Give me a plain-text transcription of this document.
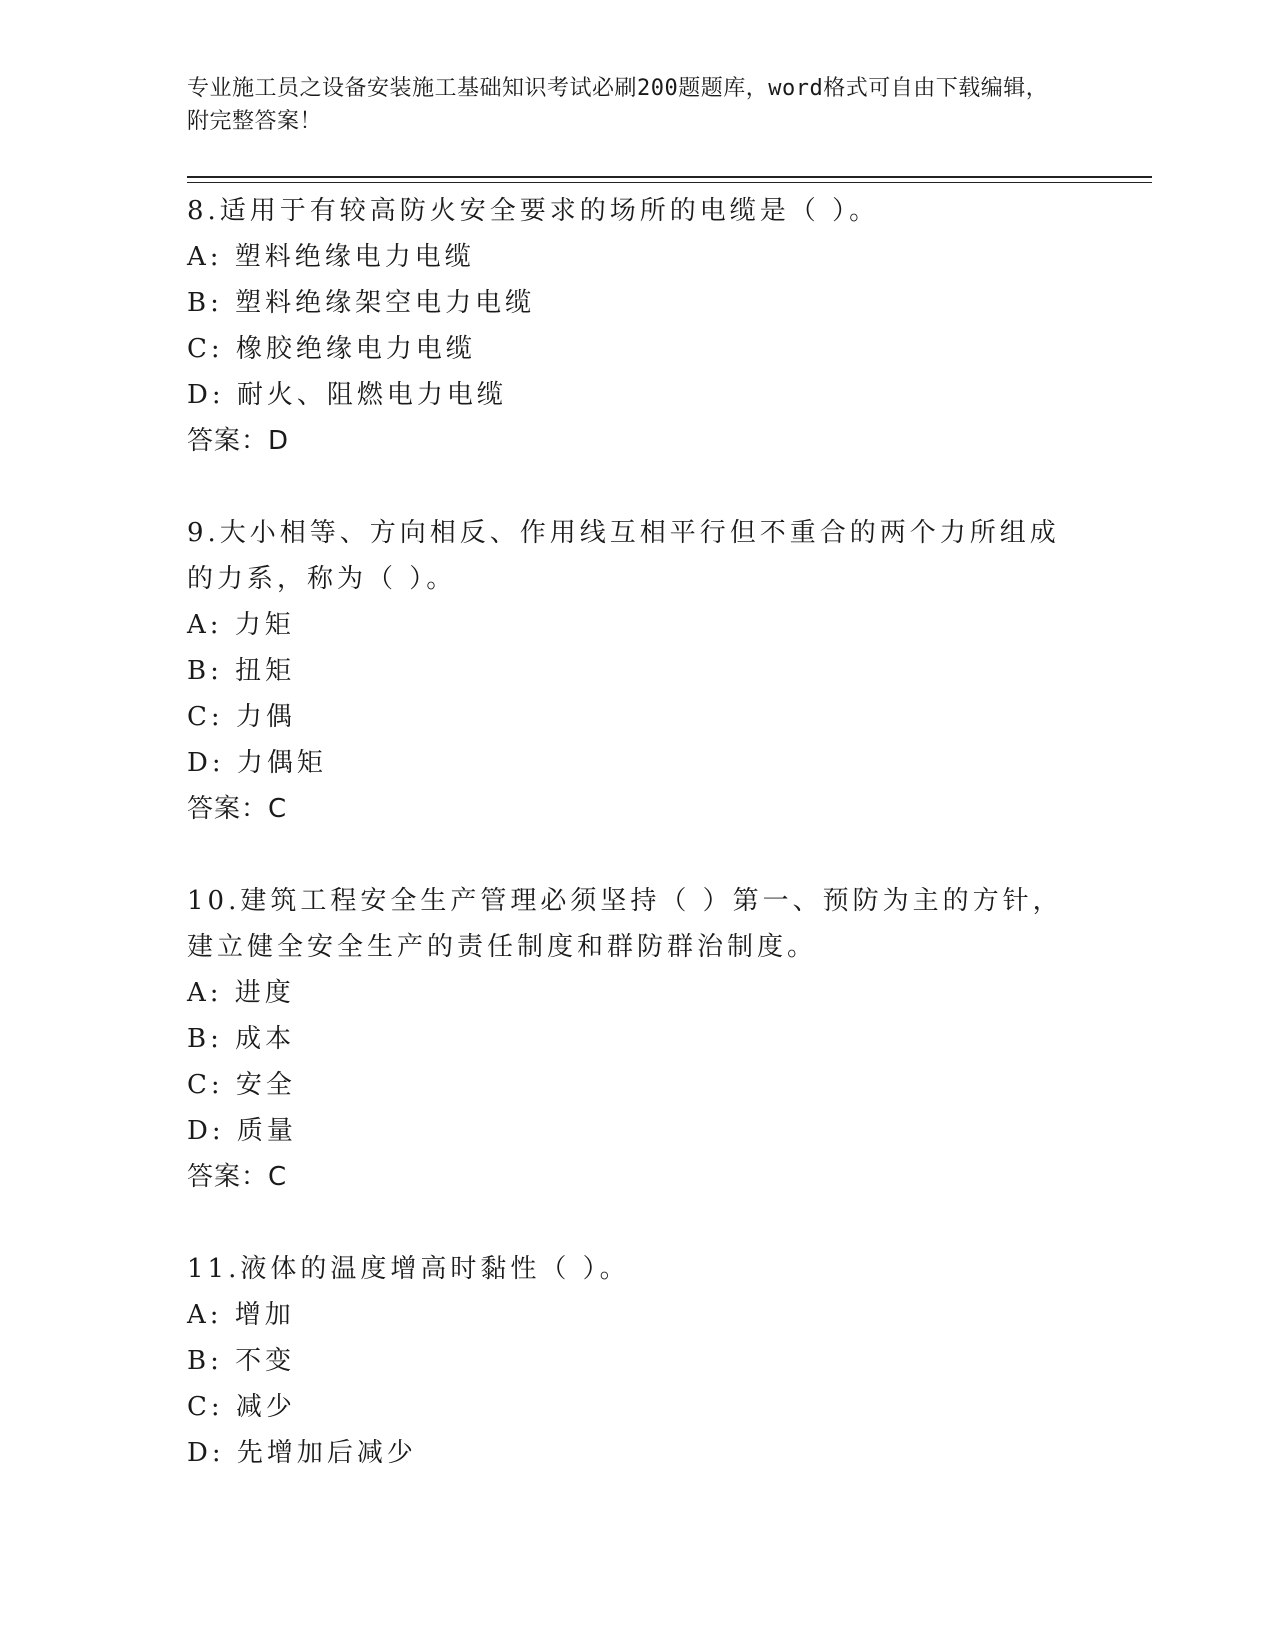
专业施工员之设备安装施工基础知识考试必刷200题题库，word格式可自由下载编辑，附完整答案！
8.适用于有较高防火安全要求的场所的电缆是（ ）。
A: 塑料绝缘电力电缆
B: 塑料绝缘架空电力电缆
C: 橡胶绝缘电力电缆
D: 耐火、阻燃电力电缆
答案：D
9.大小相等、方向相反、作用线互相平行但不重合的两个力所组成的力系，称为（ ）。
A: 力矩
B: 扭矩
C: 力偶
D: 力偶矩
答案：C
10.建筑工程安全生产管理必须坚持（ ）第一、预防为主的方针，建立健全安全生产的责任制度和群防群治制度。
A: 进度
B: 成本
C: 安全
D: 质量
答案：C
11.液体的温度增高时黏性（ ）。
A: 增加
B: 不变
C: 减少
D: 先增加后减少
